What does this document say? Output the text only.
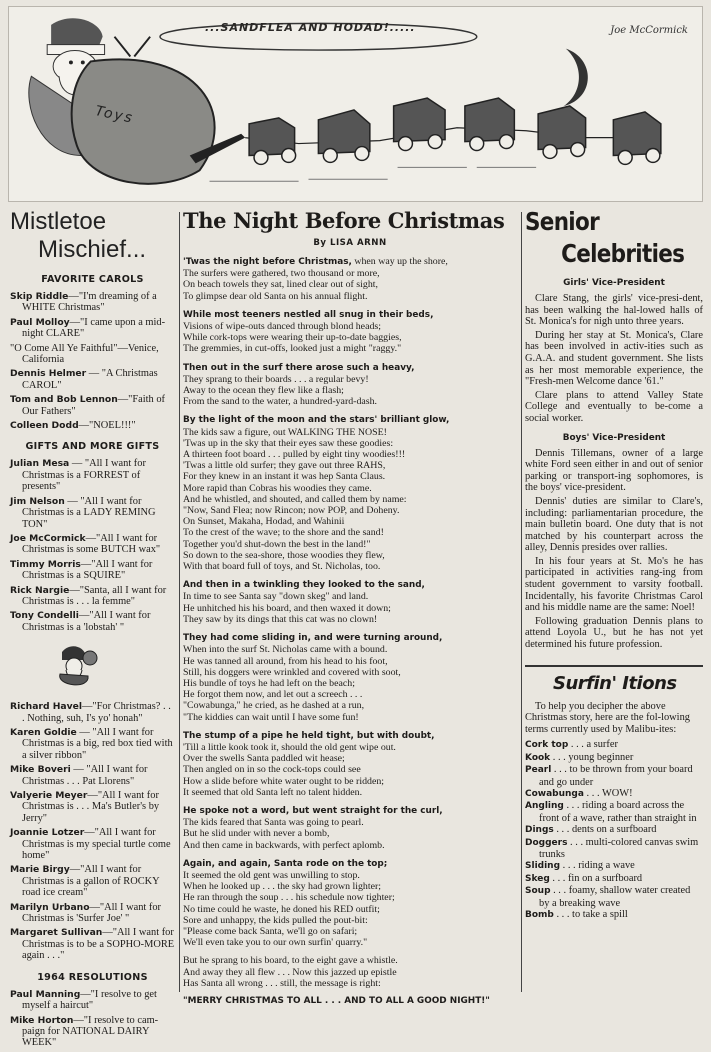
...SANDFLEA AND HODAD!.....	Joe McCormick
Toys
Mistletoe
Mischief...
FAVORITE CAROLS
Skip Riddle—"I'm dreaming of a WHITE Christmas"
Paul Molloy—"I came upon a mid-night CLARE"
"O Come All Ye Faithful"—Venice, California
Dennis Helmer — "A Christmas CAROL"
Tom and Bob Lennon—"Faith of Our Fathers"
Colleen Dodd—"NOEL!!!"
GIFTS AND MORE GIFTS
Julian Mesa — "All I want for Christmas is a FORREST of presents"
Jim Nelson — "All I want for Christmas is a LADY REMING TON"
Joe McCormick—"All I want for Christmas is some BUTCH wax"
Timmy Morris—"All I want for Christmas is a SQUIRE"
Rick Nargie—"Santa, all I want for Christmas is . . . la femme"
Tony Condelli—"All I want for Christmas is a 'lobstah' "
Richard Havel—"For Christmas? . . . Nothing, suh, I's yo' honah"
Karen Goldie — "All I want for Christmas is a big, red box tied with a silver ribbon"
Mike Boveri — "All I want for Christmas . . . Pat Llorens"
Valyerie Meyer—"All I want for Christmas is . . . Ma's Butler's by Jerry"
Joannie Lotzer—"All I want for Christmas is my special turtle come home"
Marie Birgy—"All I want for Christmas is a gallon of ROCKY road ice cream"
Marilyn Urbano—"All I want for Christmas is 'Surfer Joe' "
Margaret Sullivan—"All I want for Christmas is to be a SOPHO-MORE again . . ."
1964 RESOLUTIONS
Paul Manning—"I resolve to get myself a haircut"
Mike Horton—"I resolve to cam-paign for NATIONAL DAIRY WEEK"
The Night Before Christmas
By LISA ARNN
'Twas the night before Christmas, when way up the shore,
The surfers were gathered, two thousand or more,
On beach towels they sat, lined clear out of sight,
To glimpse dear old Santa on his annual flight.
While most teeners nestled all snug in their beds,
Visions of wipe-outs danced through blond heads;
While cork-tops were wearing their up-to-date baggies,
The gremmies, in cut-offs, looked just a might "raggy."
Then out in the surf there arose such a heavy,
They sprang to their boards . . . a regular bevy!
Away to the ocean they flew like a flash;
From the sand to the water, a hundred-yard-dash.
By the light of the moon and the stars' brilliant glow,
The kids saw a figure, out WALKING THE NOSE!
'Twas up in the sky that their eyes saw these goodies:
A thirteen foot board . . . pulled by eight tiny woodies!!!
'Twas a little old surfer; they gave out three RAHS,
For they knew in an instant it was hep Santa Claus.
More rapid than Cobras his woodies they came.
And he whistled, and shouted, and called them by name:
"Now, Sand Flea; now Rincon; now POP, and Doheny.
On Sunset, Makaha, Hodad, and Wahinii
To the crest of the wave; to the shore and the sand!
Together you'd shut-down the best in the land!"
So down to the sea-shore, those woodies they flew,
With that board full of toys, and St. Nicholas, too.
And then in a twinkling they looked to the sand,
In time to see Santa say "down skeg" and land.
He unhitched his his board, and then waxed it down;
They saw by its dings that this cat was no clown!
They had come sliding in, and were turning around,
When into the surf St. Nicholas came with a bound.
He was tanned all around, from his head to his foot,
Still, his doggers were wrinkled and covered with soot,
His bundle of toys he had left on the beach;
He forgot them now, and let out a screech . . .
"Cowabunga," he cried, as he dashed at a run,
"The kiddies can wait until I have some fun!
The stump of a pipe he held tight, but with doubt,
'Till a little kook took it, should the old gent wipe out.
Over the swells Santa paddled wit hease;
Then angled on in so the cock-tops could see
How a slide before white water ought to be ridden;
It seemed that old Santa left no talent hidden.
He spoke not a word, but went straight for the curl,
The kids feared that Santa was going to pearl.
But he slid under with never a bomb,
And then came in backwards, with perfect aplomb.
Again, and again, Santa rode on the top;
It seemed the old gent was unwilling to stop.
When he looked up . . . the sky had grown lighter;
He ran through the soup . . . his schedule now tighter;
No time could he waste, he doned his RED outfit;
Sore and unhappy, the kids pulled the pout-bit:
"Please come back Santa, we'll go on safari;
We'll even take you to our own surfin' quarry."
But he sprang to his board, to the eight gave a whistle.
And away they all flew . . . Now this jazzed up epistle
Has Santa all wrong . . . still, the message is right:
"MERRY CHRISTMAS TO ALL . . . AND TO ALL A GOOD NIGHT!"
Senior
Celebrities
Girls' Vice-President

Clare Stang, the girls' vice-presi-dent, has been walking the hal-lowed halls of St. Monica's for nigh unto three years.

During her stay at St. Monica's, Clare has been involved in activ-ities such as G.A.A. and student government. She lists as her most memorable experience, the "Fresh-men Welcome dance '61."

Clare plans to attend Valley State College and eventually to be-come a social worker.

Boys' Vice-President

Dennis Tillemans, owner of a large white Ford seen either in and out of senior parking or transport-ing sophomores, is the boys' vice-president.

Dennis' duties are similar to Clare's, including: parliamentarian procedure, the main bulletin board. One duty that is not matched by his counterpart across the alley, Dennis presides over rallies.

In his four years at St. Mo's he has participated in activities rang-ing from student government to varsity football. Incidentally, his favorite Christmas Carol and his middle name are the same: Noel!

Following graduation Dennis plans to attend Loyola U., but he has not yet determined his future profession.

Surfin' Itions
To help you decipher the above Christmas story, here are the fol-lowing terms currently used by Malibu-ites:
Cork top . . . a surfer
Kook . . . young beginner
Pearl . . . to be thrown from your board and go under
Cowabunga . . . WOW!
Angling . . . riding a board across the front of a wave, rather than straight in
Dings . . . dents on a surfboard
Doggers . . . multi-colored canvas swim trunks
Sliding . . . riding a wave
Skeg . . . fin on a surfboard
Soup . . . foamy, shallow water created by a breaking wave
Bomb . . . to take a spill
